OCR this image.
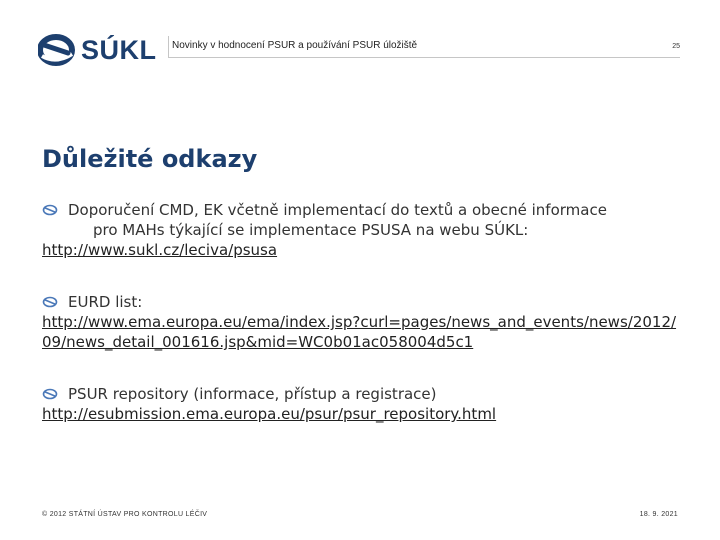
SÚKL Novinky v hodnocení PSUR a používání PSUR úložiště	25
Důležité odkazy
Doporučení CMD, EK včetně implementací do textů a obecné informace
pro MAHs týkající se implementace PSUSA na webu SÚKL:
http://www.sukl.cz/leciva/psusa
EURD list:
http://www.ema.europa.eu/ema/index.jsp?curl=pages/news_and_events/news/2012/09/news_detail_001616.jsp&mid=WC0b01ac058004d5c1
PSUR repository (informace, přístup a registrace)
http://esubmission.ema.europa.eu/psur/psur_repository.html
© 2012 STÁTNÍ ÚSTAV PRO KONTROLU LÉČIV	18. 9. 2021
